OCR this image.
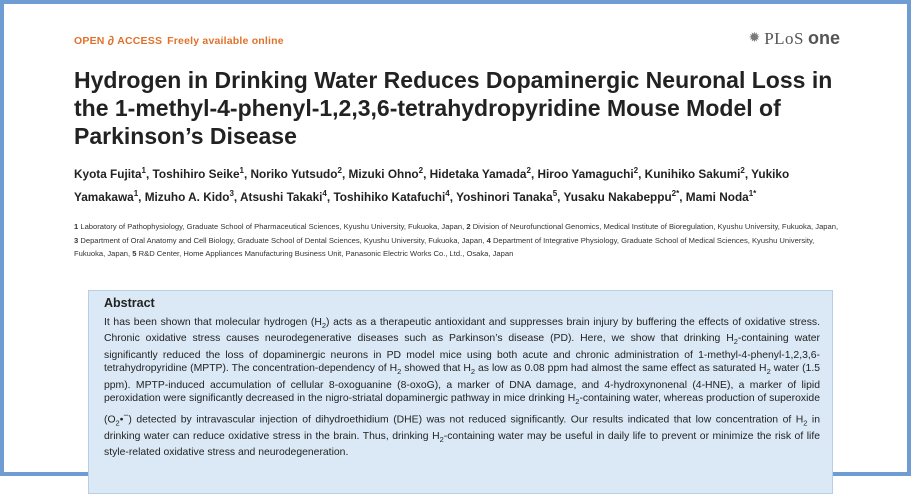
OPEN ∂ ACCESS Freely available online	✹ PLoS one
Hydrogen in Drinking Water Reduces Dopaminergic Neuronal Loss in the 1-methyl-4-phenyl-1,2,3,6-tetrahydropyridine Mouse Model of Parkinson’s Disease

Kyota Fujita$^1$, Toshihiro Seike$^1$, Noriko Yutsudo$^2$, Mizuki Ohno$^2$, Hidetaka Yamada$^2$, Hiroo Yamaguchi$^2$, Kunihiko Sakumi$^2$, Yukiko Yamakawa$^1$, Mizuho A. Kido$^3$, Atsushi Takaki$^4$, Toshihiko Katafuchi$^4$, Yoshinori Tanaka$^5$, Yusaku Nakabeppu$^{2*}$, Mami Noda$^{1*}$

1 Laboratory of Pathophysiology, Graduate School of Pharmaceutical Sciences, Kyushu University, Fukuoka, Japan, 2 Division of Neurofunctional Genomics, Medical Institute of Bioregulation, Kyushu University, Fukuoka, Japan, 3 Department of Oral Anatomy and Cell Biology, Graduate School of Dental Sciences, Kyushu University, Fukuoka, Japan, 4 Department of Integrative Physiology, Graduate School of Medical Sciences, Kyushu University, Fukuoka, Japan, 5 R&D Center, Home Appliances Manufacturing Business Unit, Panasonic Electric Works Co., Ltd., Osaka, Japan

Abstract

It has been shown that molecular hydrogen $(H_2)$ acts as a therapeutic antioxidant and suppresses brain injury by buffering the effects of oxidative stress. Chronic oxidative stress causes neurodegenerative diseases such as Parkinson’s disease (PD). Here, we show that drinking $H_2$-containing water significantly reduced the loss of dopaminergic neurons in PD model mice using both acute and chronic administration of 1-methyl-4-phenyl-1,2,3,6-tetrahydropyridine (MPTP). The concentration-dependency of $H_2$ showed that $H_2$ as low as 0.08 ppm had almost the same effect as saturated $H_2$ water (1.5 ppm). MPTP-induced accumulation of cellular 8-oxoguanine (8-oxoG), a marker of DNA damage, and 4-hydroxynonenal (4-HNE), a marker of lipid peroxidation were significantly decreased in the nigro-striatal dopaminergic pathway in mice drinking $H_2$-containing water, whereas production of superoxide $(O_2•^-)$ detected by intravascular injection of dihydroethidium (DHE) was not reduced significantly. Our results indicated that low concentration of $H_2$ in drinking water can reduce oxidative stress in the brain. Thus, drinking $H_2$-containing water may be useful in daily life to prevent or minimize the risk of life style-related oxidative stress and neurodegeneration.
